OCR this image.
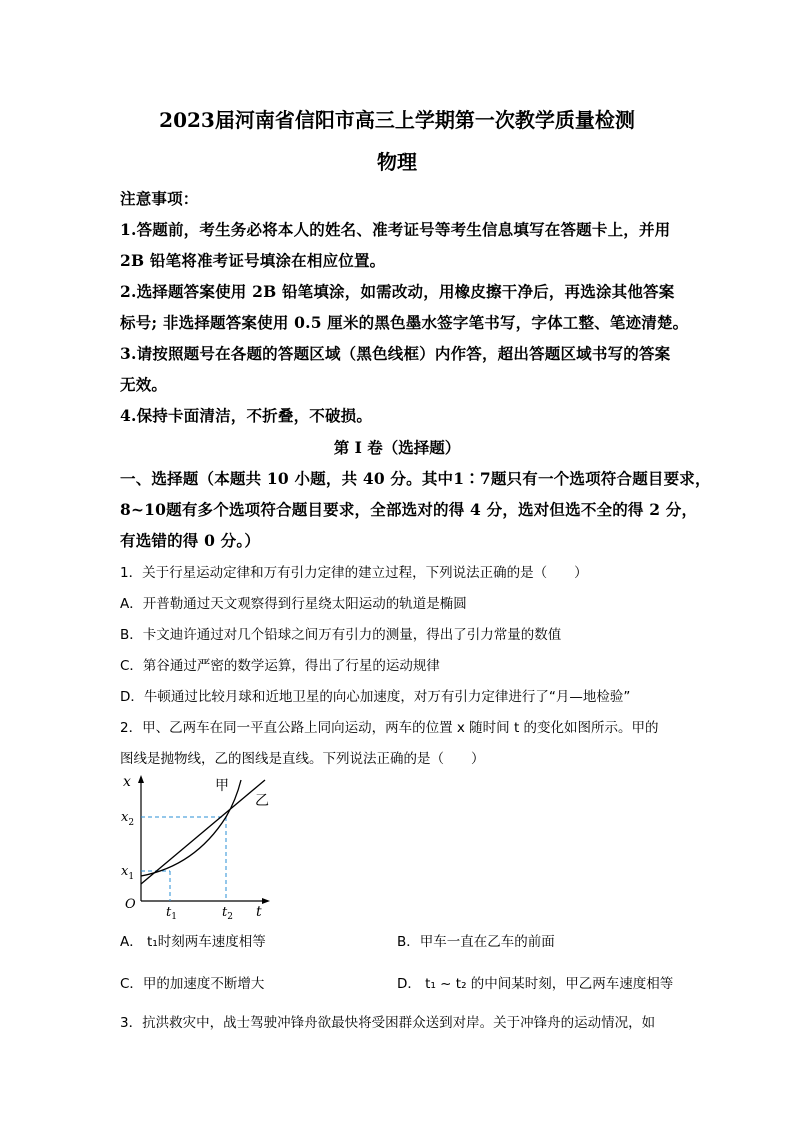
2023届河南省信阳市高三上学期第一次教学质量检测
物理
注意事项：
1.答题前，考生务必将本人的姓名、准考证号等考生信息填写在答题卡上，并用
2B 铅笔将准考证号填涂在相应位置。
2.选择题答案使用 2B 铅笔填涂，如需改动，用橡皮擦干净后，再选涂其他答案
标号; 非选择题答案使用 0.5 厘米的黑色墨水签字笔书写，字体工整、笔迹清楚。
3.请按照题号在各题的答题区域（黑色线框）内作答，超出答题区域书写的答案
无效。
4.保持卡面清洁，不折叠，不破损。
第 I 卷（选择题）
一、选择题（本题共 10 小题，共 40 分。其中1∶7题只有一个选项符合题目要求，
8~10题有多个选项符合题目要求，全部选对的得 4 分，选对但选不全的得 2 分，
有选错的得 0 分。）
1．关于行星运动定律和万有引力定律的建立过程，下列说法正确的是（　　）
A．开普勒通过天文观察得到行星绕太阳运动的轨道是椭圆
B．卡文迪许通过对几个铅球之间万有引力的测量，得出了引力常量的数值
C．第谷通过严密的数学运算，得出了行星的运动规律
D．牛顿通过比较月球和近地卫星的向心加速度，对万有引力定律进行了“月—地检验”
2．甲、乙两车在同一平直公路上同向运动，两车的位置 x 随时间 t 的变化如图所示。甲的
图线是抛物线，乙的图线是直线。下列说法正确的是（　　）
甲
乙
x
t
O
$x_2$
$x_1$
$t_1$	$t_2$
A． t₁时刻两车速度相等	B．甲车一直在乙车的前面
C．甲的加速度不断增大	D． t₁ ~ t₂ 的中间某时刻，甲乙两车速度相等
3．抗洪救灾中，战士驾驶冲锋舟欲最快将受困群众送到对岸。关于冲锋舟的运动情况，如
